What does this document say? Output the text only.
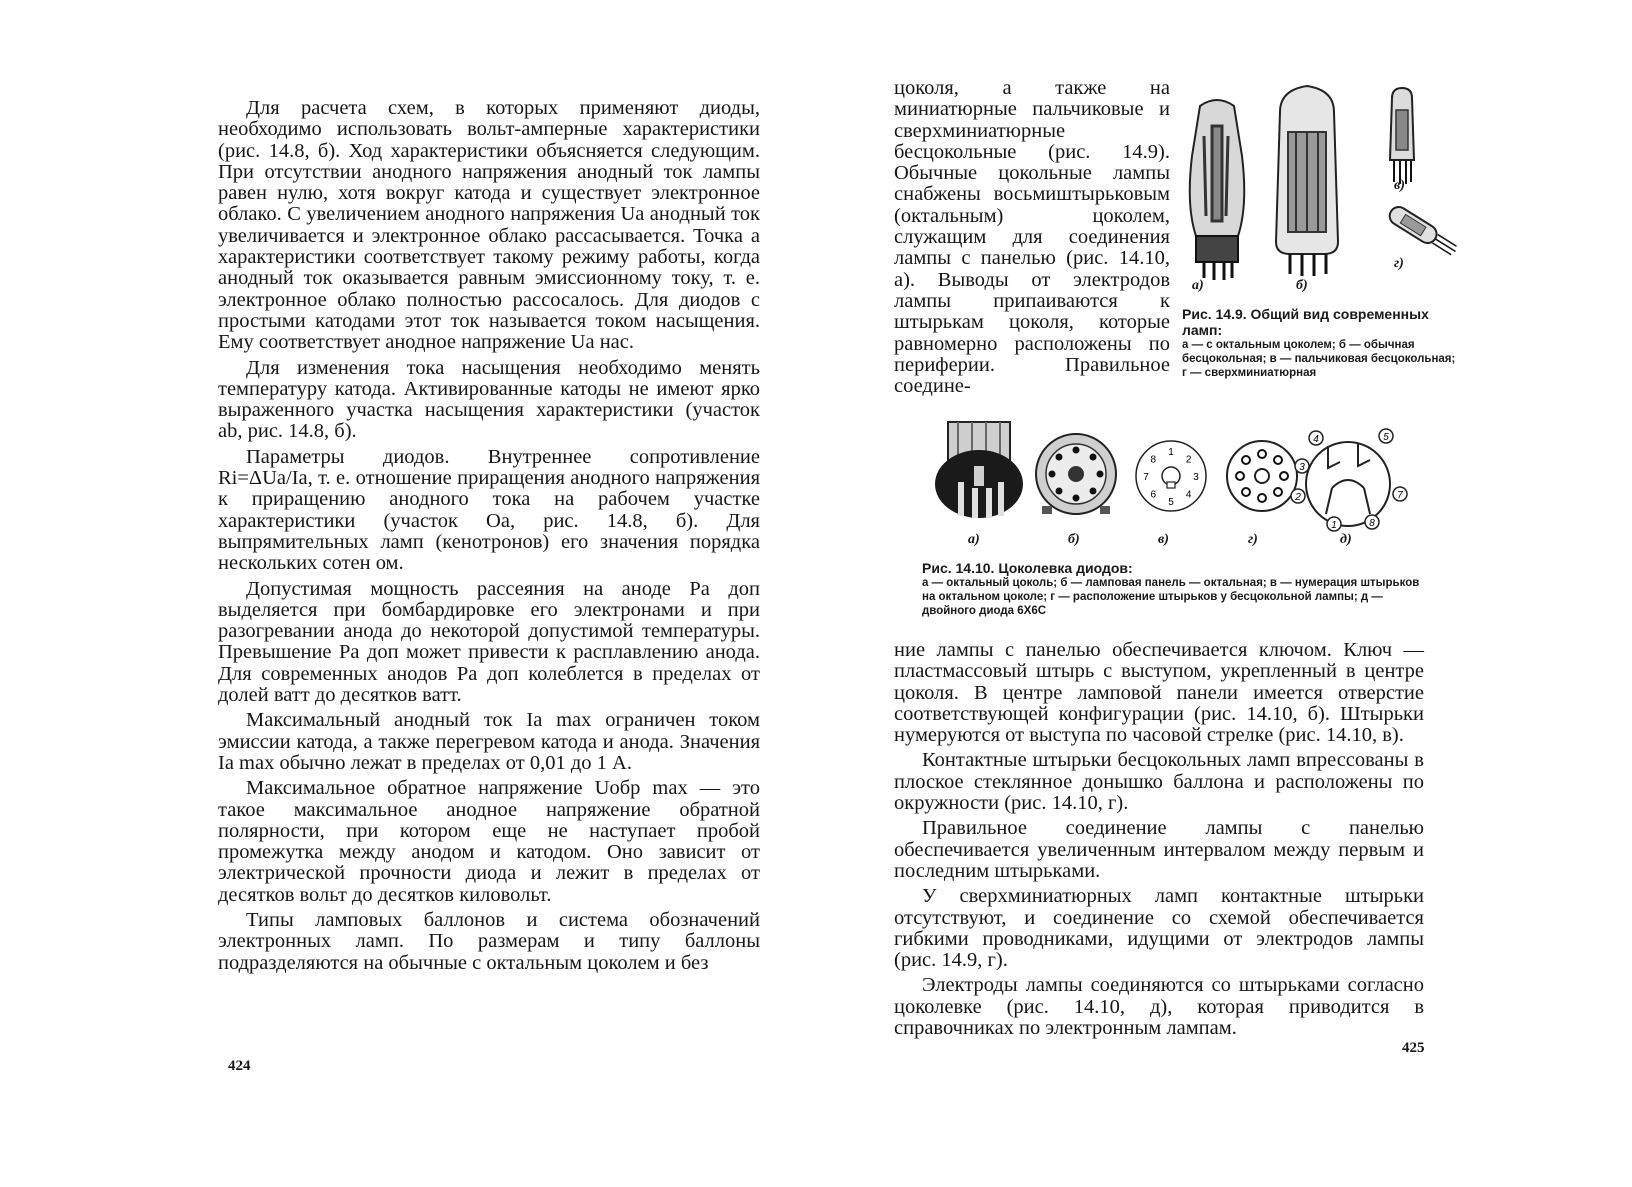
Для расчета схем, в которых применяют диоды, необходимо использовать вольт-амперные характеристики (рис. 14.8, б). Ход характеристики объясняется следующим. При отсутствии анодного напряжения анодный ток лампы равен нулю, хотя вокруг катода и существует электронное облако. С увеличением анодного напряжения Uа анодный ток увеличивается и электронное облако рассасывается. Точка а характеристики соответствует такому режиму работы, когда анодный ток оказывается равным эмиссионному току, т. е. электронное облако полностью рассосалось. Для диодов с простыми катодами этот ток называется током насыщения. Ему соответствует анодное напряжение Uа нас.

Для изменения тока насыщения необходимо менять температуру катода. Активированные катоды не имеют ярко выраженного участка насыщения характеристики (участок ab, рис. 14.8, б).

Параметры диодов. Внутреннее сопротивление Ri=ΔUа/Iа, т. е. отношение приращения анодного напряжения к приращению анодного тока на рабочем участке характеристики (участок Оа, рис. 14.8, б). Для выпрямительных ламп (кенотронов) его значения порядка нескольких сотен ом.

Допустимая мощность рассеяния на аноде Pа доп выделяется при бомбардировке его электронами и при разогревании анода до некоторой допустимой температуры. Превышение Pа доп может привести к расплавлению анода. Для современных анодов Pа доп колеблется в пределах от долей ватт до десятков ватт.

Максимальный анодный ток Iа max ограничен током эмиссии катода, а также перегревом катода и анода. Значения Iа max обычно лежат в пределах от 0,01 до 1 А.

Максимальное обратное напряжение Uобр max — это такое максимальное анодное напряжение обратной полярности, при котором еще не наступает пробой промежутка между анодом и катодом. Оно зависит от электрической прочности диода и лежит в пределах от десятков вольт до десятков киловольт.

Типы ламповых баллонов и система обозначений электронных ламп. По размерам и типу баллоны подразделяются на обычные с октальным цоколем и без

424

цоколя, а также на миниатюрные пальчиковые и сверхминиатюрные бесцокольные (рис. 14.9). Обычные цокольные лампы снабжены восьмиштырьковым (октальным) цоколем, служащим для соединения лампы с панелью (рис. 14.10, а). Выводы от электродов лампы припаиваются к штырькам цоколя, которые равномерно расположены по периферии. Правильное соедине-

а)	б)
в)
г)
Рис. 14.9. Общий вид современных ламп:
а — с октальным цоколем; б — обычная бесцокольная; в — пальчиковая бесцокольная; г — сверхминиатюрная
1
2
3
4
5
6
7
8
3
5
2	7
1	8
4
а)	б)	в)	г)	д)
Рис. 14.10. Цоколевка диодов:
а — октальный цоколь; б — ламповая панель — октальная; в — нумерация штырьков на октальном цоколе; г — расположение штырьков у бесцокольной лампы; д — двойного диода 6Х6С

ние лампы с панелью обеспечивается ключом. Ключ — пластмассовый штырь с выступом, укрепленный в центре цоколя. В центре ламповой панели имеется отверстие соответствующей конфигурации (рис. 14.10, б). Штырьки нумеруются от выступа по часовой стрелке (рис. 14.10, в).

Контактные штырьки бесцокольных ламп впрессованы в плоское стеклянное донышко баллона и расположены по окружности (рис. 14.10, г).

Правильное соединение лампы с панелью обеспечивается увеличенным интервалом между первым и последним штырьками.

У сверхминиатюрных ламп контактные штырьки отсутствуют, и соединение со схемой обеспечивается гибкими проводниками, идущими от электродов лампы (рис. 14.9, г).

Электроды лампы соединяются со штырьками согласно цоколевке (рис. 14.10, д), которая приводится в справочниках по электронным лампам.

425
